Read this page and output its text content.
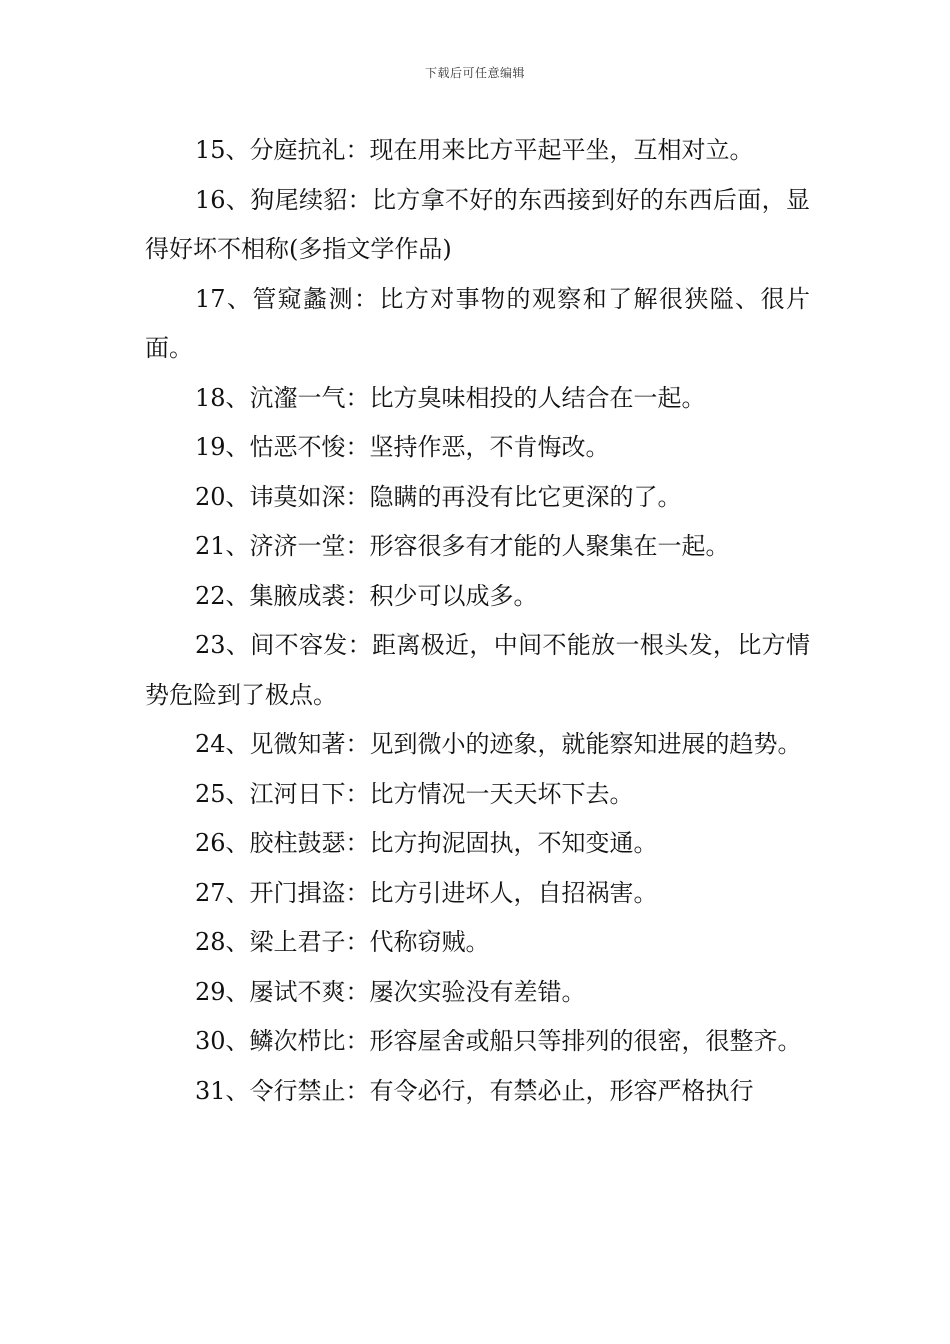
下载后可任意编辑

15、分庭抗礼：现在用来比方平起平坐，互相对立。

16、狗尾续貂：比方拿不好的东西接到好的东西后面，显得好坏不相称(多指文学作品)

17、管窥蠡测：比方对事物的观察和了解很狭隘、很片面。

18、沆瀣一气：比方臭味相投的人结合在一起。

19、怙恶不悛：坚持作恶，不肯悔改。

20、讳莫如深：隐瞒的再没有比它更深的了。

21、济济一堂：形容很多有才能的人聚集在一起。

22、集腋成裘：积少可以成多。

23、间不容发：距离极近，中间不能放一根头发，比方情势危险到了极点。

24、见微知著：见到微小的迹象，就能察知进展的趋势。

25、江河日下：比方情况一天天坏下去。

26、胶柱鼓瑟：比方拘泥固执，不知变通。

27、开门揖盗：比方引进坏人，自招祸害。

28、梁上君子：代称窃贼。

29、屡试不爽：屡次实验没有差错。

30、鳞次栉比：形容屋舍或船只等排列的很密，很整齐。

31、令行禁止：有令必行，有禁必止，形容严格执行
